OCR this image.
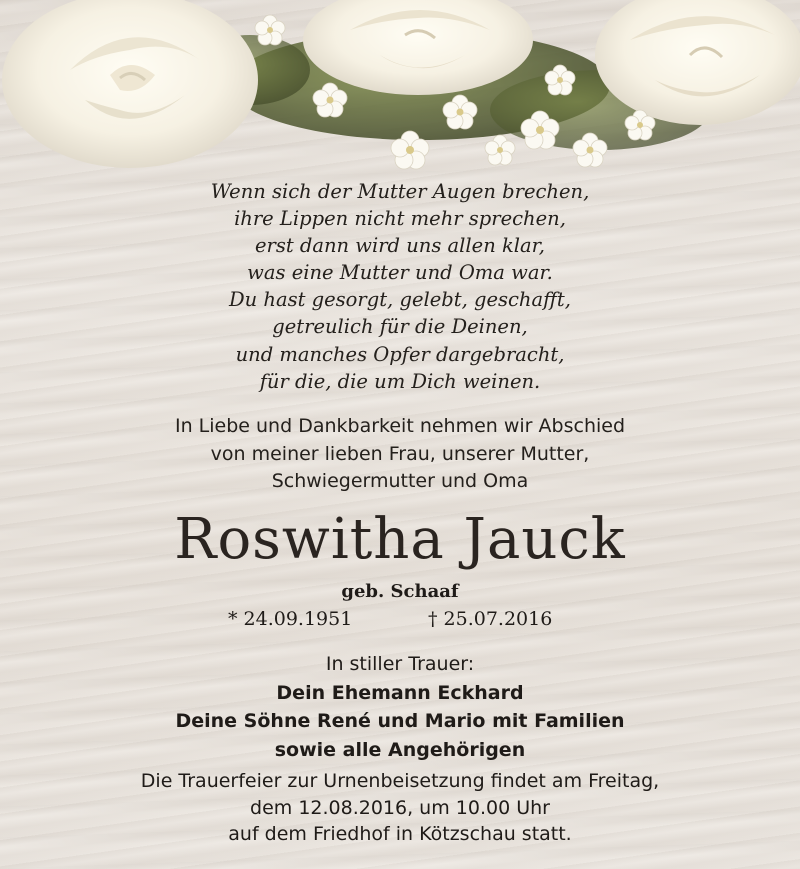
Wenn sich der Mutter Augen brechen,
ihre Lippen nicht mehr sprechen,
erst dann wird uns allen klar,
was eine Mutter und Oma war.
Du hast gesorgt, gelebt, geschafft,
getreulich für die Deinen,
und manches Opfer dargebracht,
für die, die um Dich weinen.
In Liebe und Dankbarkeit nehmen wir Abschied
von meiner lieben Frau, unserer Mutter,
Schwiegermutter und Oma
Roswitha Jauck
geb. Schaaf
* 24.09.1951	† 25.07.2016
In stiller Trauer:
Dein Ehemann Eckhard
Deine Söhne René und Mario mit Familien
sowie alle Angehörigen
Die Trauerfeier zur Urnenbeisetzung findet am Freitag,
dem 12.08.2016, um 10.00 Uhr
auf dem Friedhof in Kötzschau statt.
